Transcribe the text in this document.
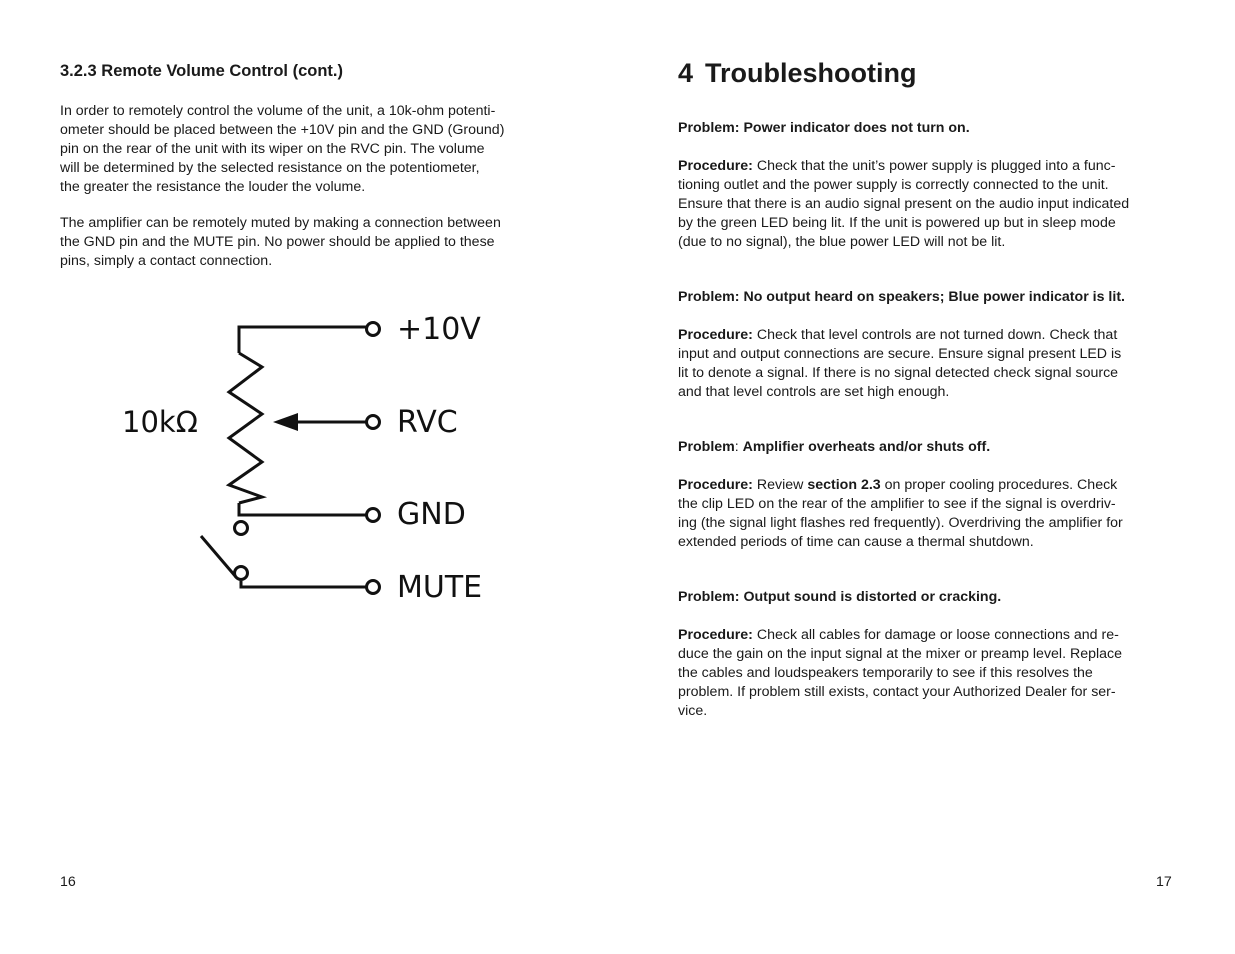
3.2.3 Remote Volume Control (cont.)

In order to remotely control the volume of the unit, a 10k-ohm potenti-
ometer should be placed between the +10V pin and the GND (Ground)
pin on the rear of the unit with its wiper on the RVC pin. The volume
will be determined by the selected resistance on the potentiometer,
the greater the resistance the louder the volume.

The amplifier can be remotely muted by making a connection between
the GND pin and the MUTE pin. No power should be applied to these
pins, simply a contact connection.

10kΩ
+10V
RVC
GND
MUTE

16

4 Troubleshooting

Problem: Power indicator does not turn on.

Procedure: Check that the unit’s power supply is plugged into a func-
tioning outlet and the power supply is correctly connected to the unit.
Ensure that there is an audio signal present on the audio input indicated
by the green LED being lit. If the unit is powered up but in sleep mode
(due to no signal), the blue power LED will not be lit.

Problem: No output heard on speakers; Blue power indicator is lit.

Procedure: Check that level controls are not turned down. Check that
input and output connections are secure. Ensure signal present LED is
lit to denote a signal. If there is no signal detected check signal source
and that level controls are set high enough.

Problem: Amplifier overheats and/or shuts off.

Procedure: Review section 2.3 on proper cooling procedures. Check
the clip LED on the rear of the amplifier to see if the signal is overdriv-
ing (the signal light flashes red frequently). Overdriving the amplifier for
extended periods of time can cause a thermal shutdown.

Problem: Output sound is distorted or cracking.

Procedure: Check all cables for damage or loose connections and re-
duce the gain on the input signal at the mixer or preamp level. Replace
the cables and loudspeakers temporarily to see if this resolves the
problem. If problem still exists, contact your Authorized Dealer for ser-
vice.

17
